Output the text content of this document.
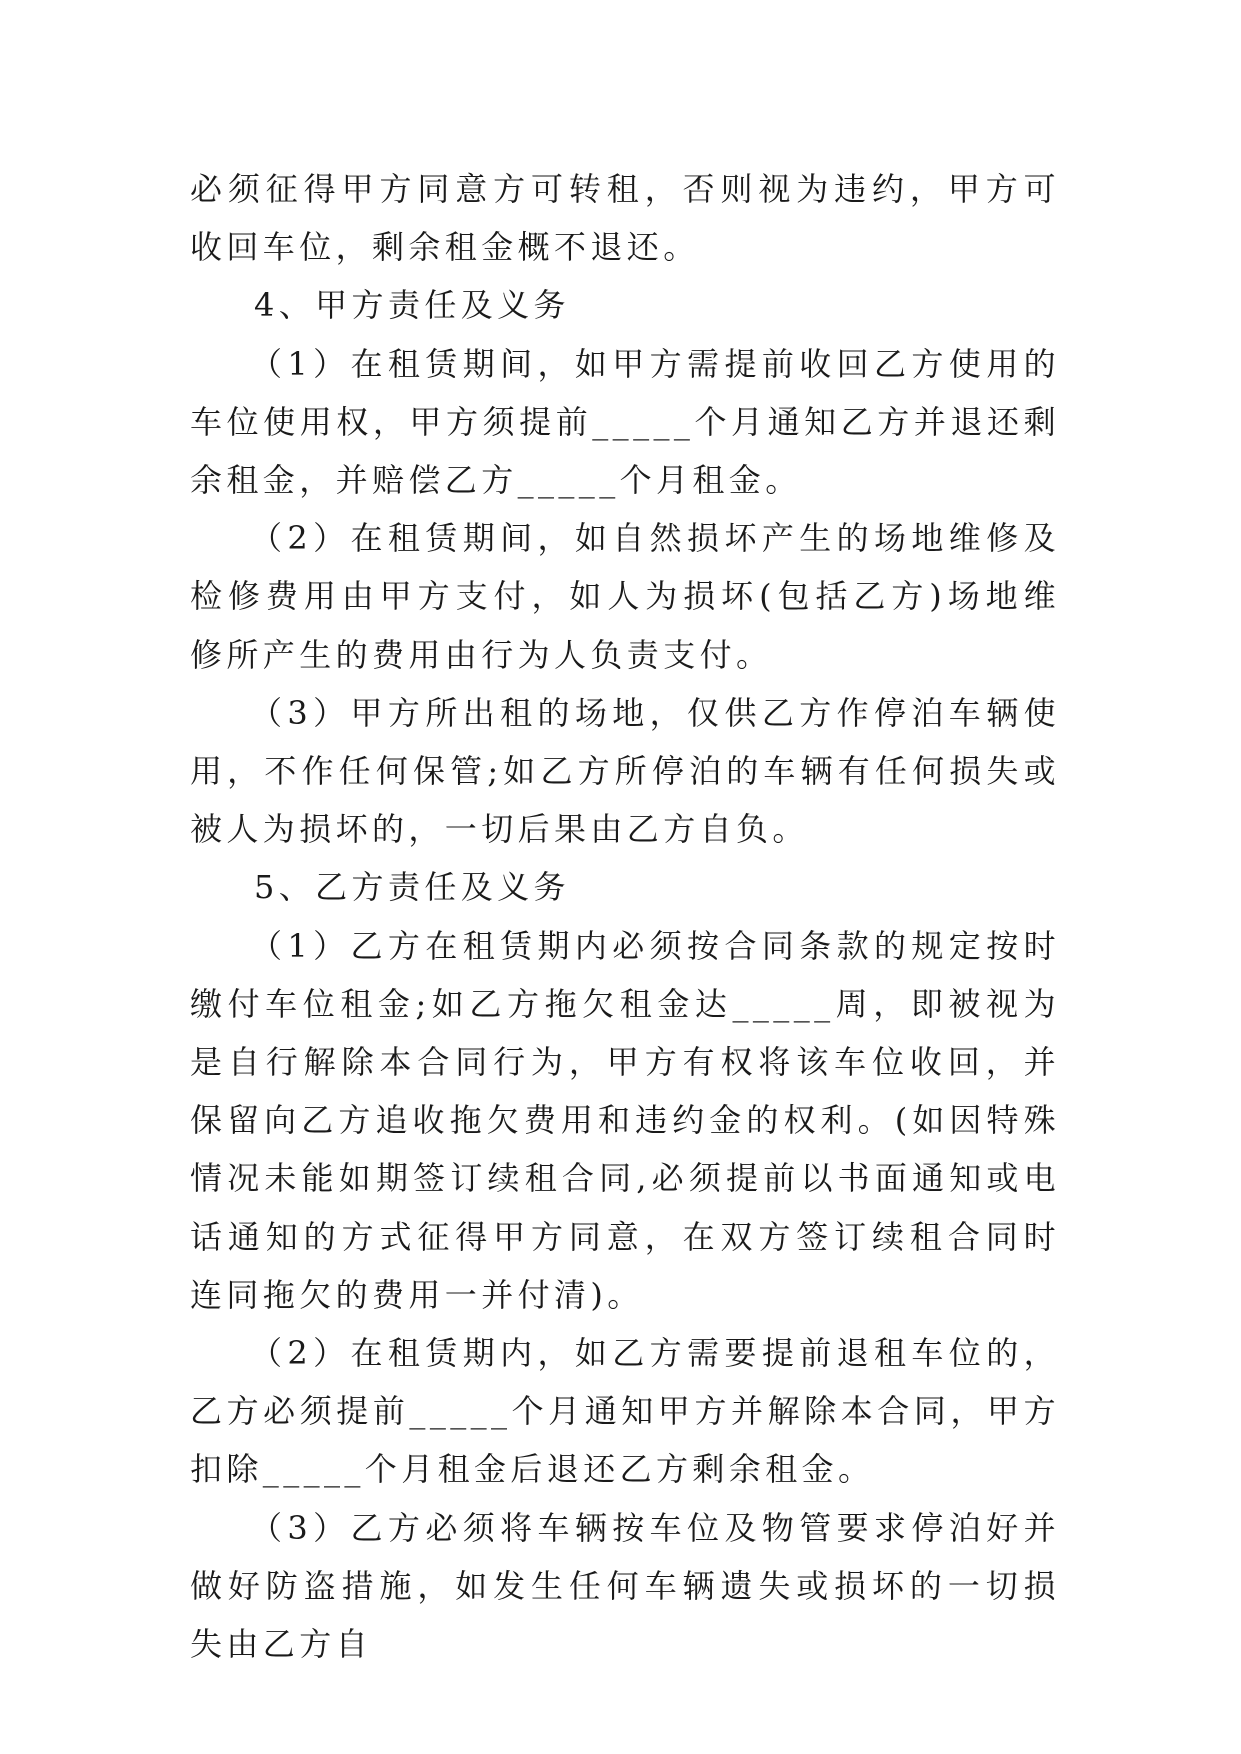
必须征得甲方同意方可转租，否则视为违约，甲方可收回车位，剩余租金概不退还。

4、甲方责任及义务

（1）在租赁期间，如甲方需提前收回乙方使用的车位使用权，甲方须提前_____个月通知乙方并退还剩余租金，并赔偿乙方_____个月租金。

（2）在租赁期间，如自然损坏产生的场地维修及检修费用由甲方支付，如人为损坏(包括乙方)场地维修所产生的费用由行为人负责支付。

（3）甲方所出租的场地，仅供乙方作停泊车辆使用，不作任何保管;如乙方所停泊的车辆有任何损失或被人为损坏的，一切后果由乙方自负。

5、乙方责任及义务

（1）乙方在租赁期内必须按合同条款的规定按时缴付车位租金;如乙方拖欠租金达_____周，即被视为是自行解除本合同行为，甲方有权将该车位收回，并保留向乙方追收拖欠费用和违约金的权利。(如因特殊情况未能如期签订续租合同,必须提前以书面通知或电话通知的方式征得甲方同意，在双方签订续租合同时连同拖欠的费用一并付清)。

（2）在租赁期内，如乙方需要提前退租车位的，乙方必须提前_____个月通知甲方并解除本合同，甲方扣除_____个月租金后退还乙方剩余租金。

（3）乙方必须将车辆按车位及物管要求停泊好并做好防盗措施，如发生任何车辆遗失或损坏的一切损失由乙方自
